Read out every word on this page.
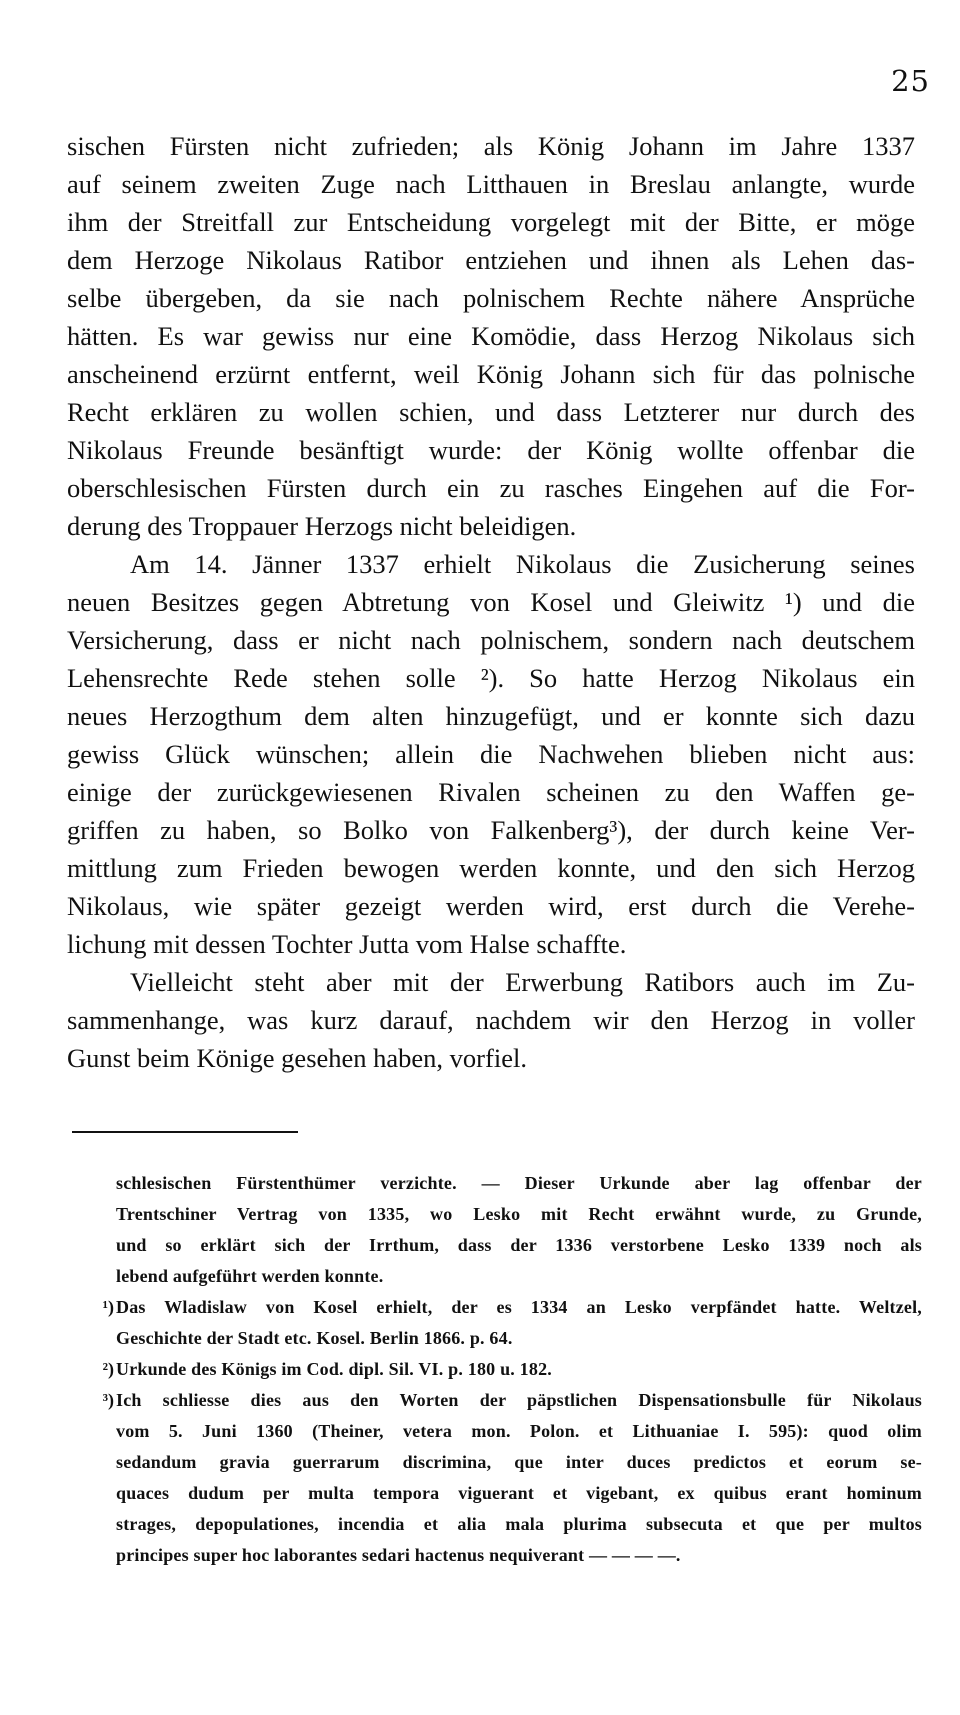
25
sischen Fürsten nicht zufrieden; als König Johann im Jahre 1337
auf seinem zweiten Zuge nach Litthauen in Breslau anlangte, wurde
ihm der Streitfall zur Entscheidung vorgelegt mit der Bitte, er möge
dem Herzoge Nikolaus Ratibor entziehen und ihnen als Lehen das-
selbe übergeben, da sie nach polnischem Rechte nähere Ansprüche
hätten. Es war gewiss nur eine Komödie, dass Herzog Nikolaus sich
anscheinend erzürnt entfernt, weil König Johann sich für das polnische
Recht erklären zu wollen schien, und dass Letzterer nur durch des
Nikolaus Freunde besänftigt wurde: der König wollte offenbar die
oberschlesischen Fürsten durch ein zu rasches Eingehen auf die For-
derung des Troppauer Herzogs nicht beleidigen.
Am 14. Jänner 1337 erhielt Nikolaus die Zusicherung seines
neuen Besitzes gegen Abtretung von Kosel und Gleiwitz ¹) und die
Versicherung, dass er nicht nach polnischem, sondern nach deutschem
Lehensrechte Rede stehen solle ²). So hatte Herzog Nikolaus ein
neues Herzogthum dem alten hinzugefügt, und er konnte sich dazu
gewiss Glück wünschen; allein die Nachwehen blieben nicht aus:
einige der zurückgewiesenen Rivalen scheinen zu den Waffen ge-
griffen zu haben, so Bolko von Falkenberg³), der durch keine Ver-
mittlung zum Frieden bewogen werden konnte, und den sich Herzog
Nikolaus, wie später gezeigt werden wird, erst durch die Verehe-
lichung mit dessen Tochter Jutta vom Halse schaffte.
Vielleicht steht aber mit der Erwerbung Ratibors auch im Zu-
sammenhange, was kurz darauf, nachdem wir den Herzog in voller
Gunst beim Könige gesehen haben, vorfiel.
schlesischen Fürstenthümer verzichte. — Dieser Urkunde aber lag offenbar der
Trentschiner Vertrag von 1335, wo Lesko mit Recht erwähnt wurde, zu Grunde,
und so erklärt sich der Irrthum, dass der 1336 verstorbene Lesko 1339 noch als
lebend aufgeführt werden konnte.
¹) Das Wladislaw von Kosel erhielt, der es 1334 an Lesko verpfändet hatte. Weltzel,
Geschichte der Stadt etc. Kosel. Berlin 1866. p. 64.
²) Urkunde des Königs im Cod. dipl. Sil. VI. p. 180 u. 182.
³) Ich schliesse dies aus den Worten der päpstlichen Dispensationsbulle für Nikolaus
vom 5. Juni 1360 (Theiner, vetera mon. Polon. et Lithuaniae I. 595): quod olim
sedandum gravia guerrarum discrimina, que inter duces predictos et eorum se-
quaces dudum per multa tempora viguerant et vigebant, ex quibus erant hominum
strages, depopulationes, incendia et alia mala plurima subsecuta et que per multos
principes super hoc laborantes sedari hactenus nequiverant — — — —.
